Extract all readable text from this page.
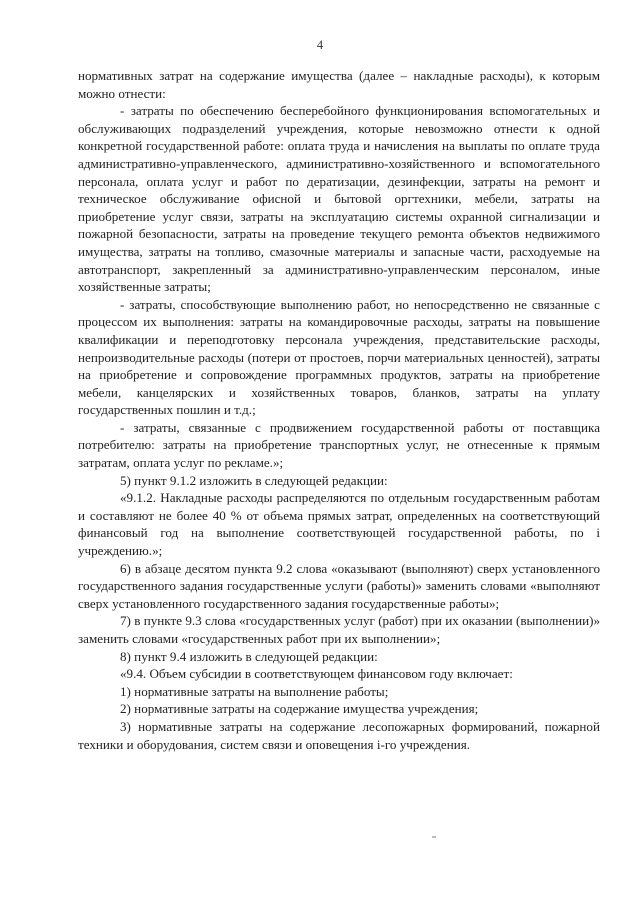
4

нормативных затрат на содержание имущества (далее – накладные расходы), к которым можно отнести:

- затраты по обеспечению бесперебойного функционирования вспомогательных и обслуживающих подразделений учреждения, которые невозможно отнести к одной конкретной государственной работе: оплата труда и начисления на выплаты по оплате труда административно-управленческого, административно-хозяйственного и вспомогательного персонала, оплата услуг и работ по дератизации, дезинфекции, затраты на ремонт и техническое обслуживание офисной и бытовой оргтехники, мебели, затраты на приобретение услуг связи, затраты на эксплуатацию системы охранной сигнализации и пожарной безопасности, затраты на проведение текущего ремонта объектов недвижимого имущества, затраты на топливо, смазочные материалы и запасные части, расходуемые на автотранспорт, закрепленный за административно-управленческим персоналом, иные хозяйственные затраты;

- затраты, способствующие выполнению работ, но непосредственно не связанные с процессом их выполнения: затраты на командировочные расходы, затраты на повышение квалификации и переподготовку персонала учреждения, представительские расходы, непроизводительные расходы (потери от простоев, порчи материальных ценностей), затраты на приобретение и сопровождение программных продуктов, затраты на приобретение мебели, канцелярских и хозяйственных товаров, бланков, затраты на уплату государственных пошлин и т.д.;

- затраты, связанные с продвижением государственной работы от поставщика потребителю: затраты на приобретение транспортных услуг, не отнесенные к прямым затратам, оплата услуг по рекламе.»;

5) пункт 9.1.2 изложить в следующей редакции:

«9.1.2. Накладные расходы распределяются по отдельным государственным работам и составляют не более 40 % от объема прямых затрат, определенных на соответствующий финансовый год на выполнение соответствующей государственной работы, по i учреждению.»;

6) в абзаце десятом пункта 9.2 слова «оказывают (выполняют) сверх установленного государственного задания государственные услуги (работы)» заменить словами «выполняют сверх установленного государственного задания государственные работы»;

7) в пункте 9.3 слова «государственных услуг (работ) при их оказании (выполнении)» заменить словами «государственных работ при их выполнении»;

8) пункт 9.4 изложить в следующей редакции:

«9.4. Объем субсидии в соответствующем финансовом году включает:

1) нормативные затраты на выполнение работы;

2) нормативные затраты на содержание имущества учреждения;

3) нормативные затраты на содержание лесопожарных формирований, пожарной техники и оборудования, систем связи и оповещения i-го учреждения.
